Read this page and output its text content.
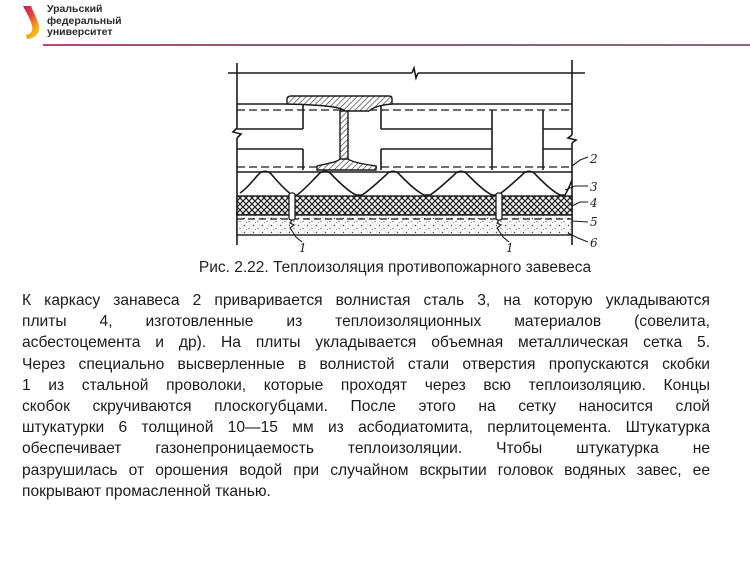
Уральский
федеральный
университет
1	1
2
3
4
5
6
Рис. 2.22. Теплоизоляция противопожарного завевеса
К каркасу занавеса 2 приваривается волнистая сталь 3, на которую укладываются
плиты 4, изготовленные из теплоизоляционных материалов (совелита,
асбестоцемента и др). На плиты укладывается объемная металлическая сетка 5.
Через специально высверленные в волнистой стали отверстия пропускаются скобки
1 из стальной проволоки, которые проходят через всю теплоизоляцию. Концы
скобок скручиваются плоскогубцами. После этого на сетку наносится слой
штукатурки 6 толщиной 10—15 мм из асбодиатомита, перлитоцемента. Штукатурка
обеспечивает газонепроницаемость теплоизоляции. Чтобы штукатурка не
разрушилась от орошения водой при случайном вскрытии головок водяных завес, ее
покрывают промасленной тканью.
